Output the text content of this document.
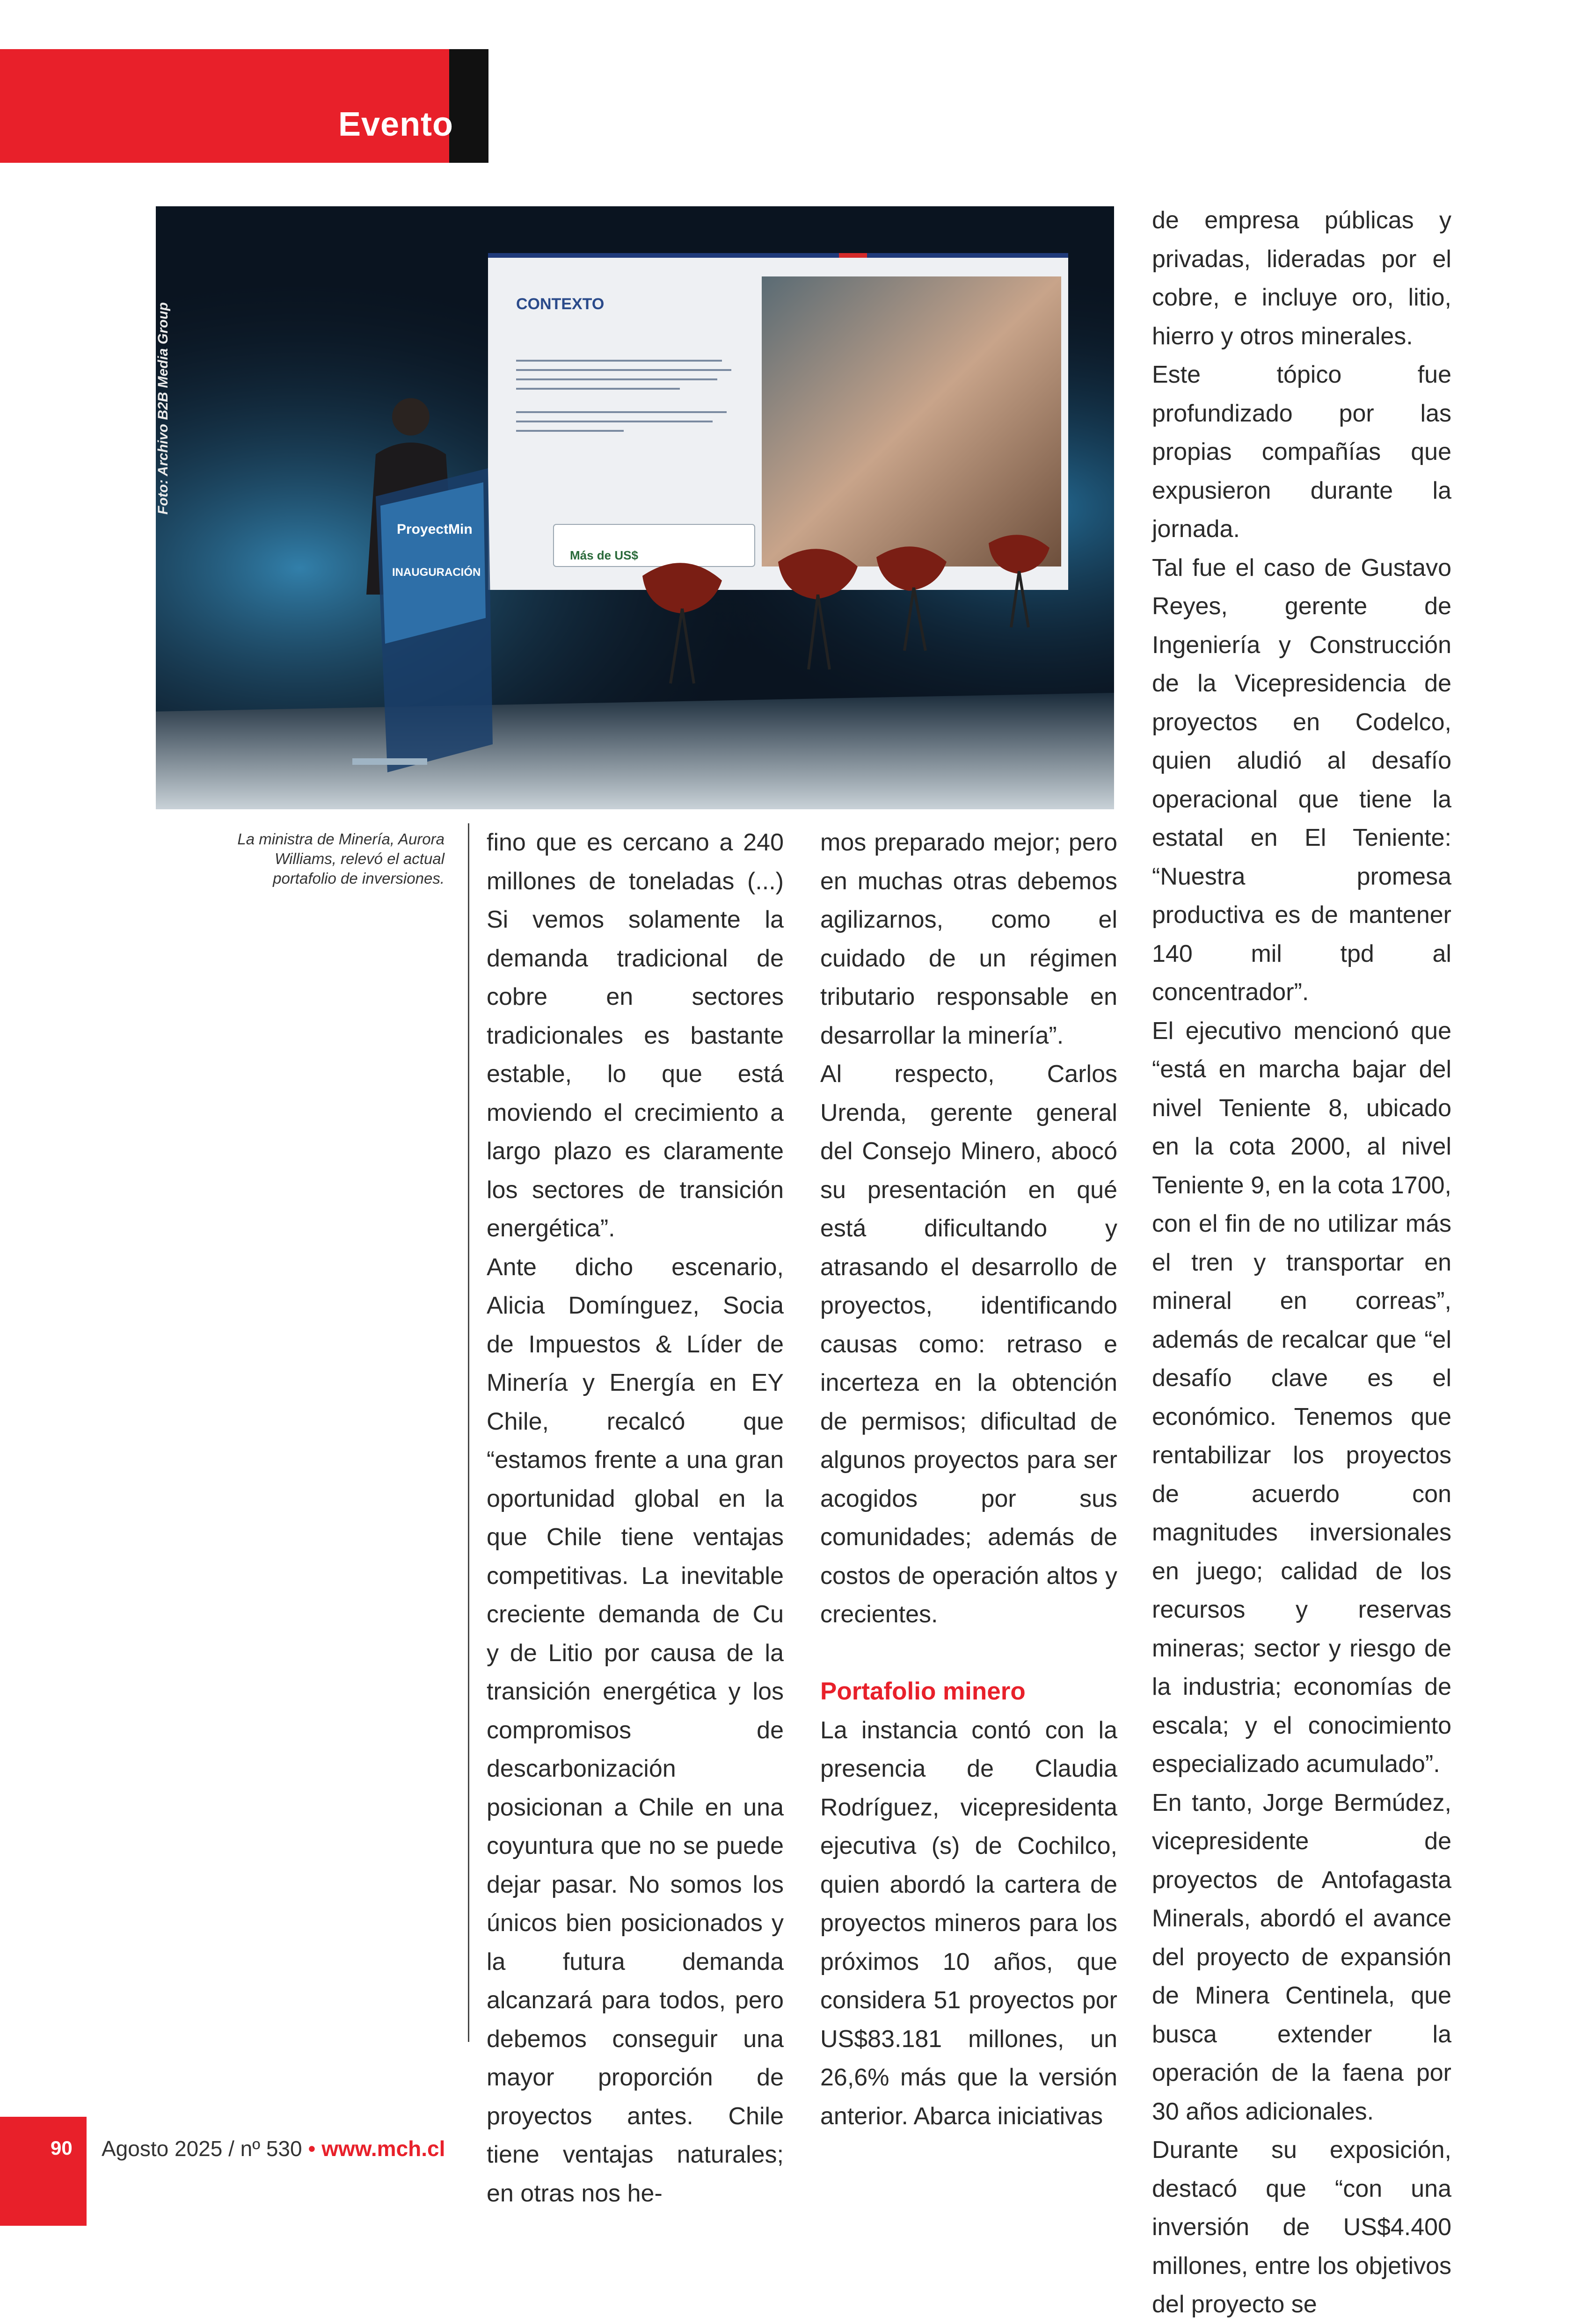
Evento
CONTEXTO
Más de US$
ProyectMin
INAUGURACIÓN
Foto: Archivo B2B Media Group
La ministra de Minería, Aurora Williams, relevó el actual portafolio de inversiones.

fino que es cercano a 240 millones de toneladas (...) Si vemos solamente la demanda tradicional de cobre en sectores tradicionales es bastante estable, lo que está moviendo el crecimiento a largo plazo es claramente los sectores de transición energética”.

Ante dicho escenario, Alicia Domínguez, Socia de Impuestos & Líder de Minería y Energía en EY Chile, recalcó que “estamos frente a una gran oportunidad global en la que Chile tiene ventajas competitivas. La inevitable creciente demanda de Cu y de Litio por causa de la transición energética y los compromisos de descarbonización posicionan a Chile en una coyuntura que no se puede dejar pasar. No somos los únicos bien posicionados y la futura demanda alcanzará para todos, pero debemos conseguir una mayor proporción de proyectos antes. Chile tiene ventajas naturales; en otras nos he-

mos preparado mejor; pero en muchas otras debemos agilizarnos, como el cuidado de un régimen tributario responsable en desarrollar la minería”.

Al respecto, Carlos Urenda, gerente general del Consejo Minero, abocó su presentación en qué está dificultando y atrasando el desarrollo de proyectos, identificando causas como: retraso e incerteza en la obtención de permisos; dificultad de algunos proyectos para ser acogidos por sus comunidades; además de costos de operación altos y crecientes.

Portafolio minero

La instancia contó con la presencia de Claudia Rodríguez, vicepresidenta ejecutiva (s) de Cochilco, quien abordó la cartera de proyectos mineros para los próximos 10 años, que considera 51 proyectos por US$83.181 millones, un 26,6% más que la versión anterior. Abarca iniciativas

de empresa públicas y privadas, lideradas por el cobre, e incluye oro, litio, hierro y otros minerales.

Este tópico fue profundizado por las propias compañías que expusieron durante la jornada.

Tal fue el caso de Gustavo Reyes, gerente de Ingeniería y Construcción de la Vicepresidencia de proyectos en Codelco, quien aludió al desafío operacional que tiene la estatal en El Teniente: “Nuestra promesa productiva es de mantener 140 mil tpd al concentrador”.

El ejecutivo mencionó que “está en marcha bajar del nivel Teniente 8, ubicado en la cota 2000, al nivel Teniente 9, en la cota 1700, con el fin de no utilizar más el tren y transportar en mineral en correas”, además de recalcar que “el desafío clave es el económico. Tenemos que rentabilizar los proyectos de acuerdo con magnitudes inversionales en juego; calidad de los recursos y reservas mineras; sector y riesgo de la industria; economías de escala; y el conocimiento especializado acumulado”.

En tanto, Jorge Bermúdez, vicepresidente de proyectos de Antofagasta Minerals, abordó el avance del proyecto de expansión de Minera Centinela, que busca extender la operación de la faena por 30 años adicionales.

Durante su exposición, destacó que “con una inversión de US$4.400 millones, entre los objetivos del proyecto se

90 Agosto 2025 / nº 530 • www.mch.cl
